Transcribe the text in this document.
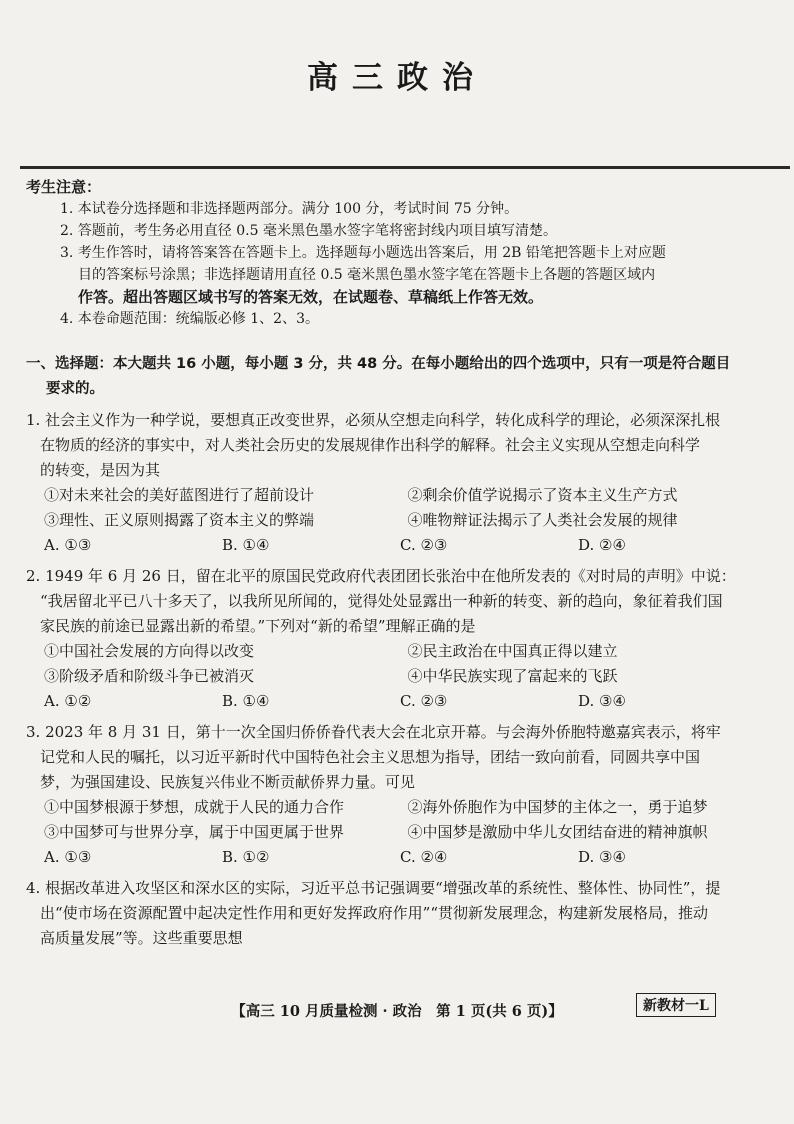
高三政治
考生注意：
1. 本试卷分选择题和非选择题两部分。满分 100 分，考试时间 75 分钟。
2. 答题前，考生务必用直径 0.5 毫米黑色墨水签字笔将密封线内项目填写清楚。
3. 考生作答时，请将答案答在答题卡上。选择题每小题选出答案后，用 2B 铅笔把答题卡上对应题
目的答案标号涂黑；非选择题请用直径 0.5 毫米黑色墨水签字笔在答题卡上各题的答题区域内
作答。超出答题区域书写的答案无效，在试题卷、草稿纸上作答无效。
4. 本卷命题范围：统编版必修 1、2、3。
一、选择题：本大题共 16 小题，每小题 3 分，共 48 分。在每小题给出的四个选项中，只有一项是符合题目
要求的。
1. 社会主义作为一种学说，要想真正改变世界，必须从空想走向科学，转化成科学的理论，必须深深扎根
在物质的经济的事实中，对人类社会历史的发展规律作出科学的解释。社会主义实现从空想走向科学
的转变，是因为其
①对未来社会的美好蓝图进行了超前设计	②剩余价值学说揭示了资本主义生产方式
③理性、正义原则揭露了资本主义的弊端	④唯物辩证法揭示了人类社会发展的规律
A. ①③	B. ①④	C. ②③	D. ②④
2. 1949 年 6 月 26 日，留在北平的原国民党政府代表团团长张治中在他所发表的《对时局的声明》中说：
“我居留北平已八十多天了，以我所见所闻的，觉得处处显露出一种新的转变、新的趋向，象征着我们国
家民族的前途已显露出新的希望。”下列对“新的希望”理解正确的是
①中国社会发展的方向得以改变	②民主政治在中国真正得以建立
③阶级矛盾和阶级斗争已被消灭	④中华民族实现了富起来的飞跃
A. ①②	B. ①④	C. ②③	D. ③④
3. 2023 年 8 月 31 日，第十一次全国归侨侨眷代表大会在北京开幕。与会海外侨胞特邀嘉宾表示，将牢
记党和人民的嘱托，以习近平新时代中国特色社会主义思想为指导，团结一致向前看，同圆共享中国
梦，为强国建设、民族复兴伟业不断贡献侨界力量。可见
①中国梦根源于梦想，成就于人民的通力合作	②海外侨胞作为中国梦的主体之一，勇于追梦
③中国梦可与世界分享，属于中国更属于世界	④中国梦是激励中华儿女团结奋进的精神旗帜
A. ①③	B. ①②	C. ②④	D. ③④
4. 根据改革进入攻坚区和深水区的实际，习近平总书记强调要“增强改革的系统性、整体性、协同性”，提
出“使市场在资源配置中起决定性作用和更好发挥政府作用”“贯彻新发展理念，构建新发展格局，推动
高质量发展”等。这些重要思想
【高三 10 月质量检测 · 政治　第 1 页(共 6 页)】	新教材一L
